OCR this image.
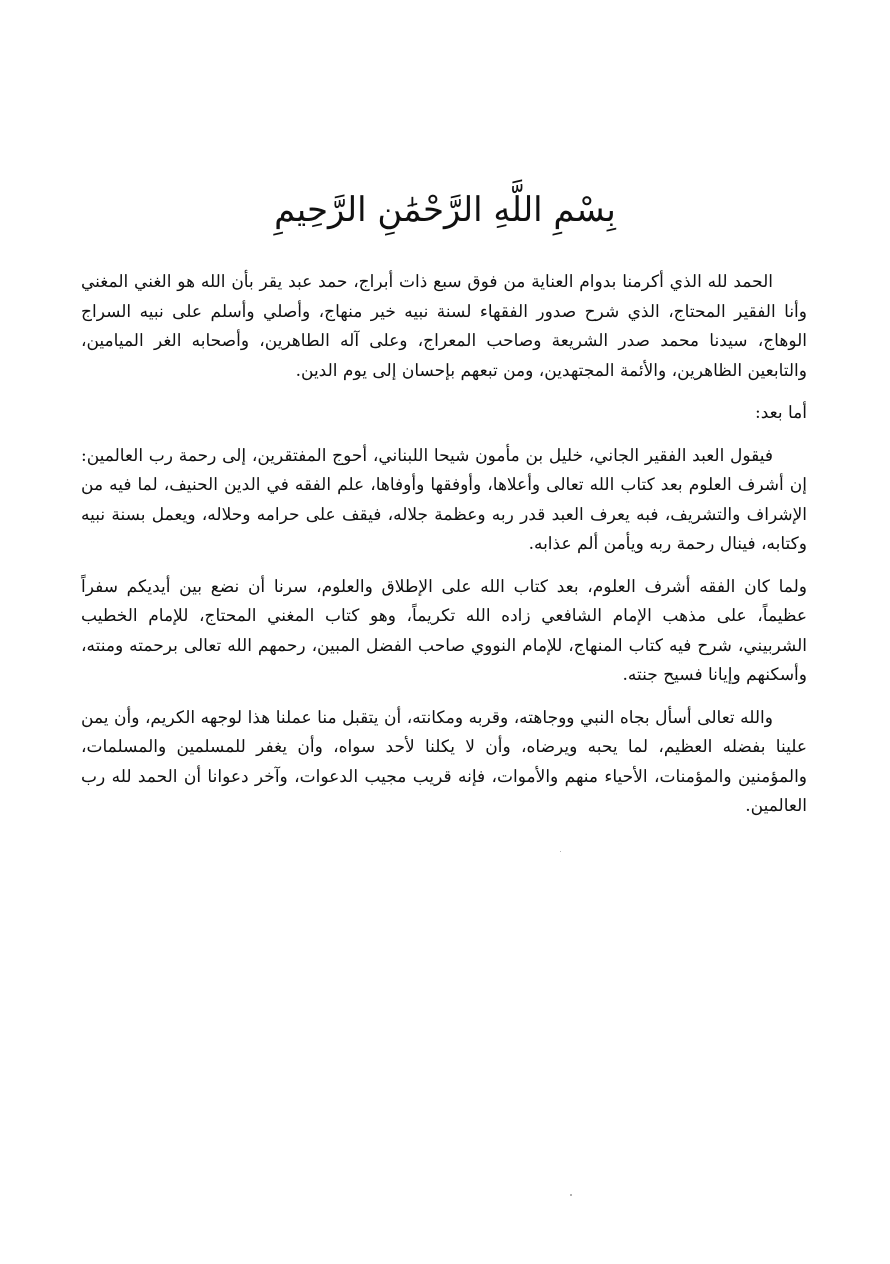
بِسْمِ اللَّهِ الرَّحْمَٰنِ الرَّحِيمِ

الحمد لله الذي أكرمنا بدوام العناية من فوق سبع ذات أبراج، حمد عبد يقر بأن الله هو الغني المغني وأنا الفقير المحتاج، الذي شرح صدور الفقهاء لسنة نبيه خير منهاج، وأصلي وأسلم على نبيه السراج الوهاج، سيدنا محمد صدر الشريعة وصاحب المعراج، وعلى آله الطاهرين، وأصحابه الغر الميامين، والتابعين الظاهرين، والأئمة المجتهدين، ومن تبعهم بإحسان إلى يوم الدين.

أما بعد:

فيقول العبد الفقير الجاني، خليل بن مأمون شيحا اللبناني، أحوج المفتقرين، إلى رحمة رب العالمين: إن أشرف العلوم بعد كتاب الله تعالى وأعلاها، وأوفقها وأوفاها، علم الفقه في الدين الحنيف، لما فيه من الإشراف والتشريف، فبه يعرف العبد قدر ربه وعظمة جلاله، فيقف على حرامه وحلاله، ويعمل بسنة نبيه وكتابه، فينال رحمة ربه ويأمن ألم عذابه.

ولما كان الفقه أشرف العلوم، بعد كتاب الله على الإطلاق والعلوم، سرنا أن نضع بين أيديكم سفراً عظيماً، على مذهب الإمام الشافعي زاده الله تكريماً، وهو كتاب المغني المحتاج، للإمام الخطيب الشربيني، شرح فيه كتاب المنهاج، للإمام النووي صاحب الفضل المبين، رحمهم الله تعالى برحمته ومنته، وأسكنهم وإيانا فسيح جنته.

والله تعالى أسأل بجاه النبي ووجاهته، وقربه ومكانته، أن يتقبل منا عملنا هذا لوجهه الكريم، وأن يمن علينا بفضله العظيم، لما يحبه ويرضاه، وأن لا يكلنا لأحد سواه، وأن يغفر للمسلمين والمسلمات، والمؤمنين والمؤمنات، الأحياء منهم والأموات، فإنه قريب مجيب الدعوات، وآخر دعوانا أن الحمد لله رب العالمين.
